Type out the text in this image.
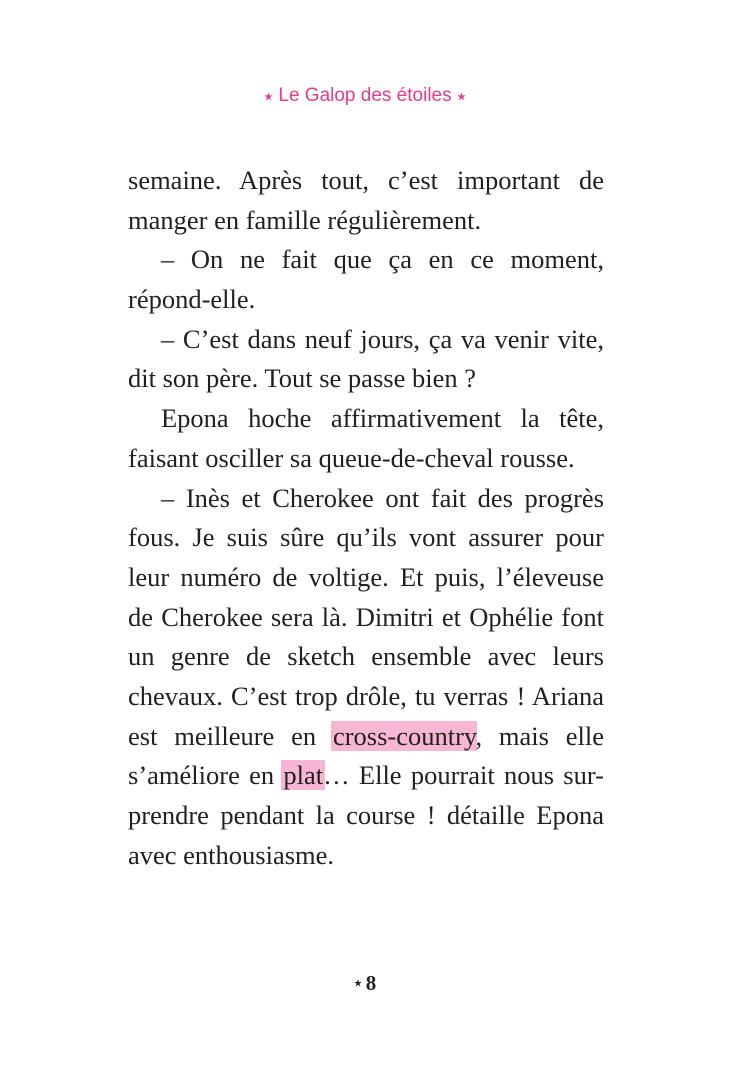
Le Galop des étoiles
semaine. Après tout, c’est important de
manger en famille régulièrement.
– On ne fait que ça en ce moment,
répond-elle.
– C’est dans neuf jours, ça va venir vite,
dit son père. Tout se passe bien ?
Epona hoche affirmativement la tête,
faisant osciller sa queue-de-cheval rousse.
– Inès et Cherokee ont fait des progrès
fous. Je suis sûre qu’ils vont assurer pour
leur numéro de voltige. Et puis, l’éleveuse
de Cherokee sera là. Dimitri et Ophélie font
un genre de sketch ensemble avec leurs
chevaux. C’est trop drôle, tu verras ! Ariana
est meilleure en cross-country, mais elle
s’améliore en plat… Elle pourrait nous sur-
prendre pendant la course ! détaille Epona
avec enthousiasme.
8
